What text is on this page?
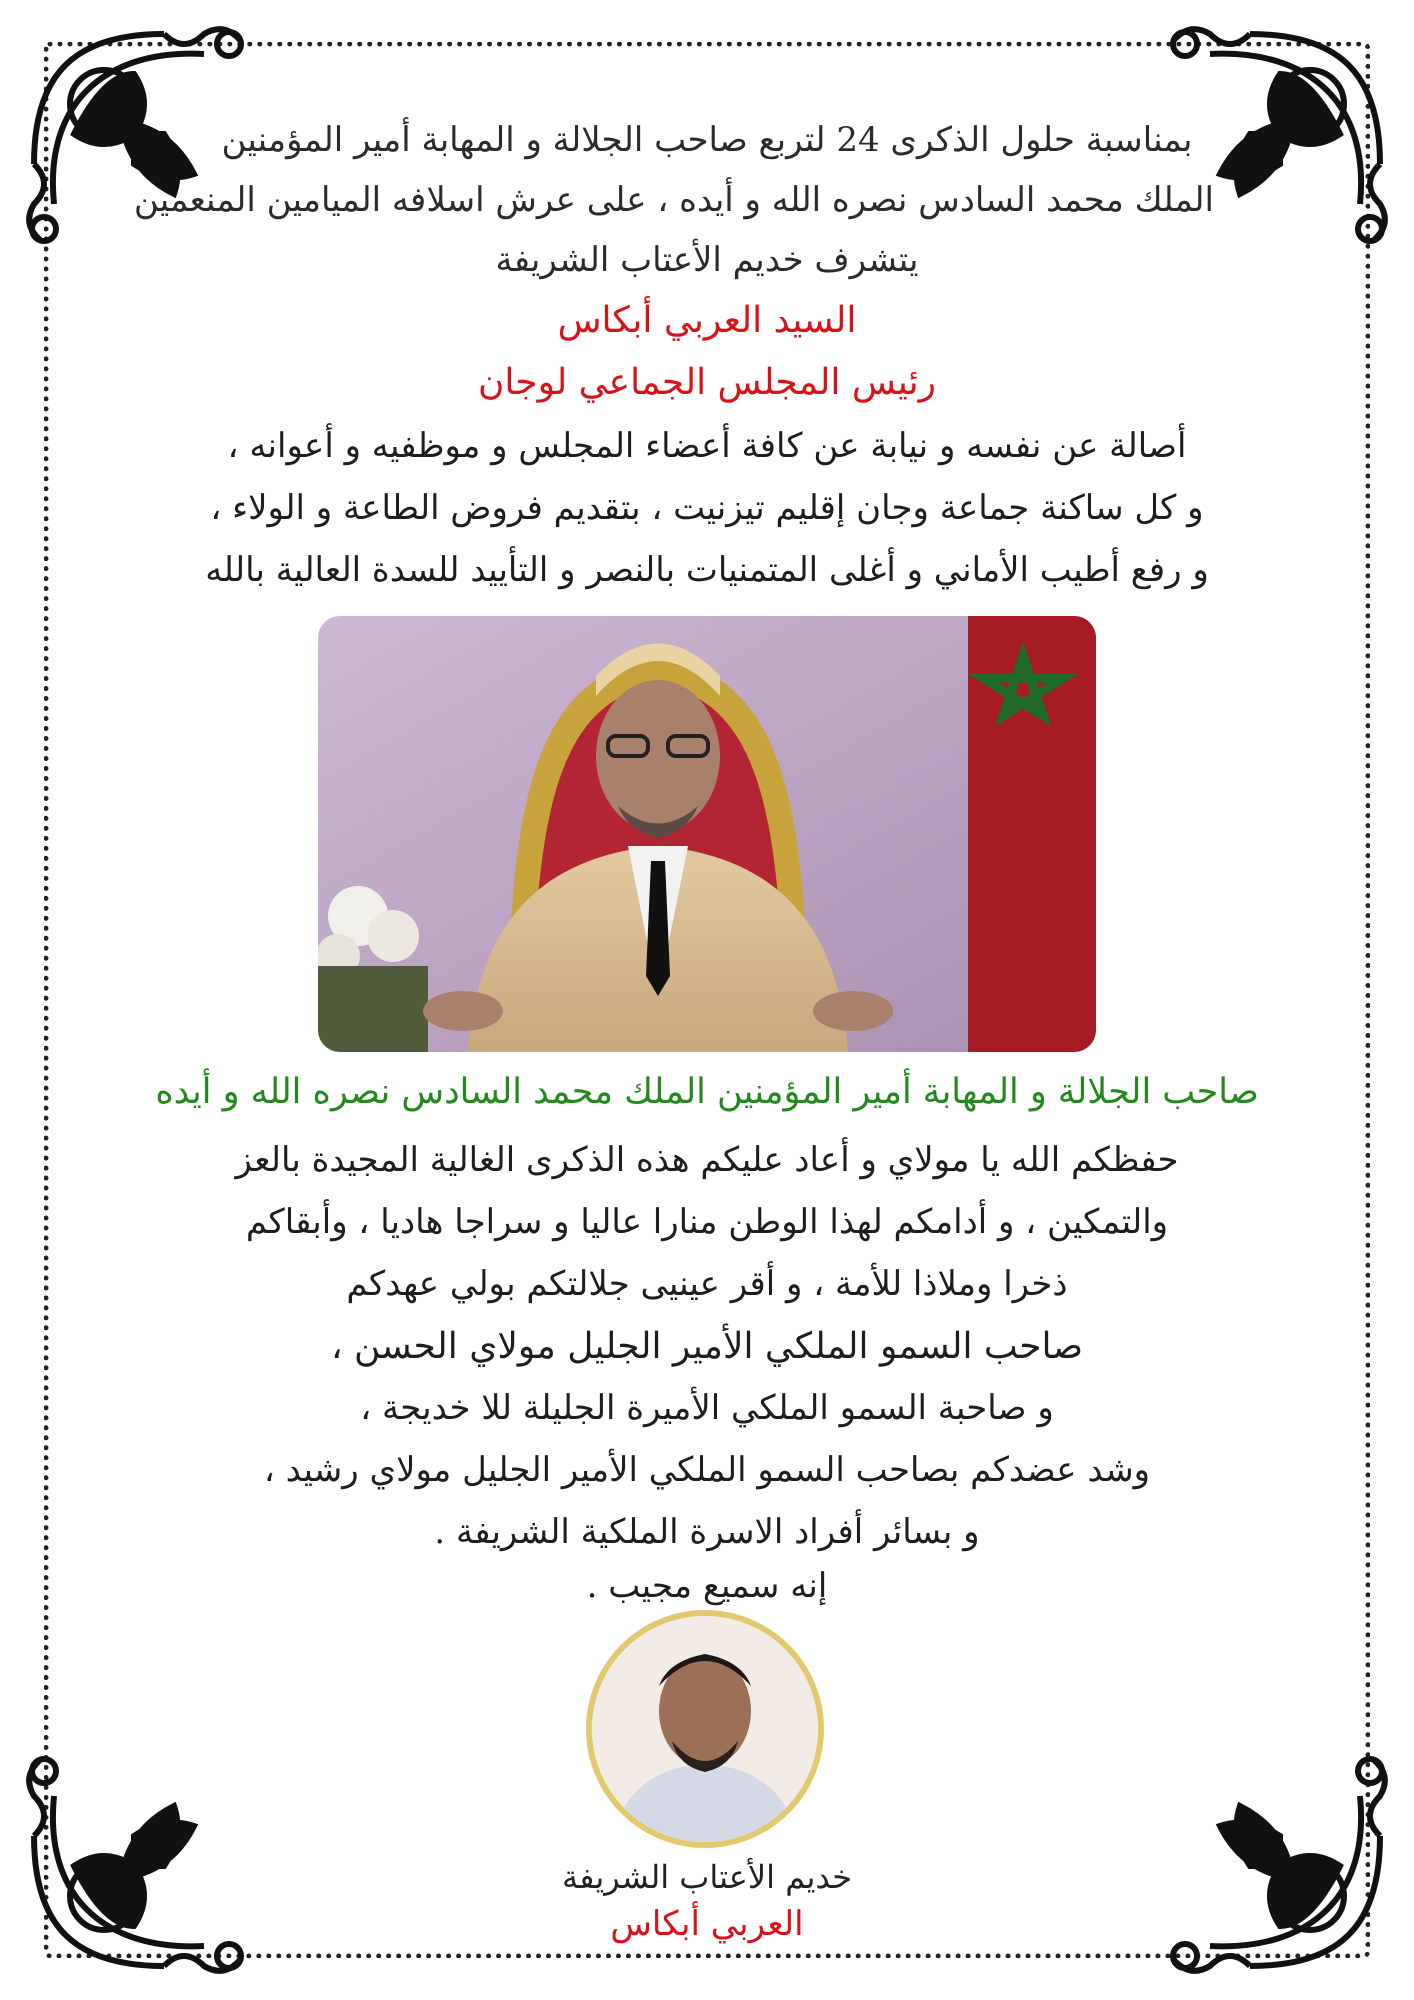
بمناسبة حلول الذكرى 24 لتربع صاحب الجلالة و المهابة أمير المؤمنين
الملك محمد السادس نصره الله و أيده ، على عرش اسلافه الميامين المنعمين
يتشرف خديم الأعتاب الشريفة
السيد العربي أبكاس
رئيس المجلس الجماعي لوجان
أصالة عن نفسه و نيابة عن كافة أعضاء المجلس و موظفيه و أعوانه ،
و كل ساكنة جماعة وجان إقليم تيزنيت ، بتقديم فروض الطاعة و الولاء ،
و رفع أطيب الأماني و أغلى المتمنيات بالنصر و التأييد للسدة العالية بالله
صاحب الجلالة و المهابة أمير المؤمنين الملك محمد السادس نصره الله و أيده
حفظكم الله يا مولاي و أعاد عليكم هذه الذكرى الغالية المجيدة بالعز
والتمكين ، و أدامكم لهذا الوطن منارا عاليا و سراجا هاديا ، وأبقاكم
ذخرا وملاذا للأمة ، و أقر عينيى جلالتكم بولي عهدكم
صاحب السمو الملكي الأمير الجليل مولاي الحسن ،
و صاحبة السمو الملكي الأميرة الجليلة للا خديجة ،
وشد عضدكم بصاحب السمو الملكي الأمير الجليل مولاي رشيد ،
و بسائر أفراد الاسرة الملكية الشريفة .
إنه سميع مجيب .
خديم الأعتاب الشريفة
العربي أبكاس
